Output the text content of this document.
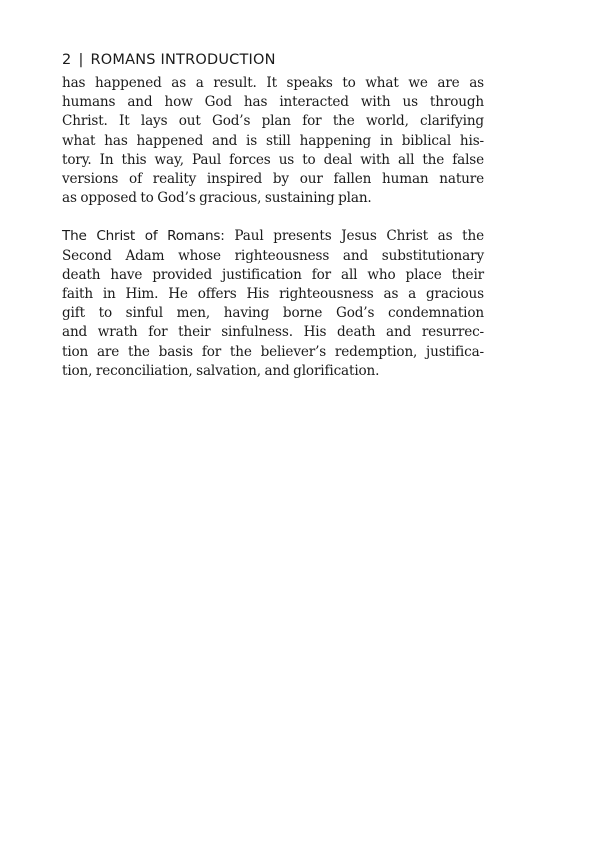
2 | ROMANS INTRODUCTION
has happened as a result. It speaks to what we are as
humans and how God has interacted with us through
Christ. It lays out God’s plan for the world, clarifying
what has happened and is still happening in biblical his-
tory. In this way, Paul forces us to deal with all the false
versions of reality inspired by our fallen human nature
as opposed to God’s gracious, sustaining plan.
The Christ of Romans: Paul presents Jesus Christ as the
Second Adam whose righteousness and substitutionary
death have provided justification for all who place their
faith in Him. He offers His righteousness as a gracious
gift to sinful men, having borne God’s condemnation
and wrath for their sinfulness. His death and resurrec-
tion are the basis for the believer’s redemption, justifica-
tion, reconciliation, salvation, and glorification.
